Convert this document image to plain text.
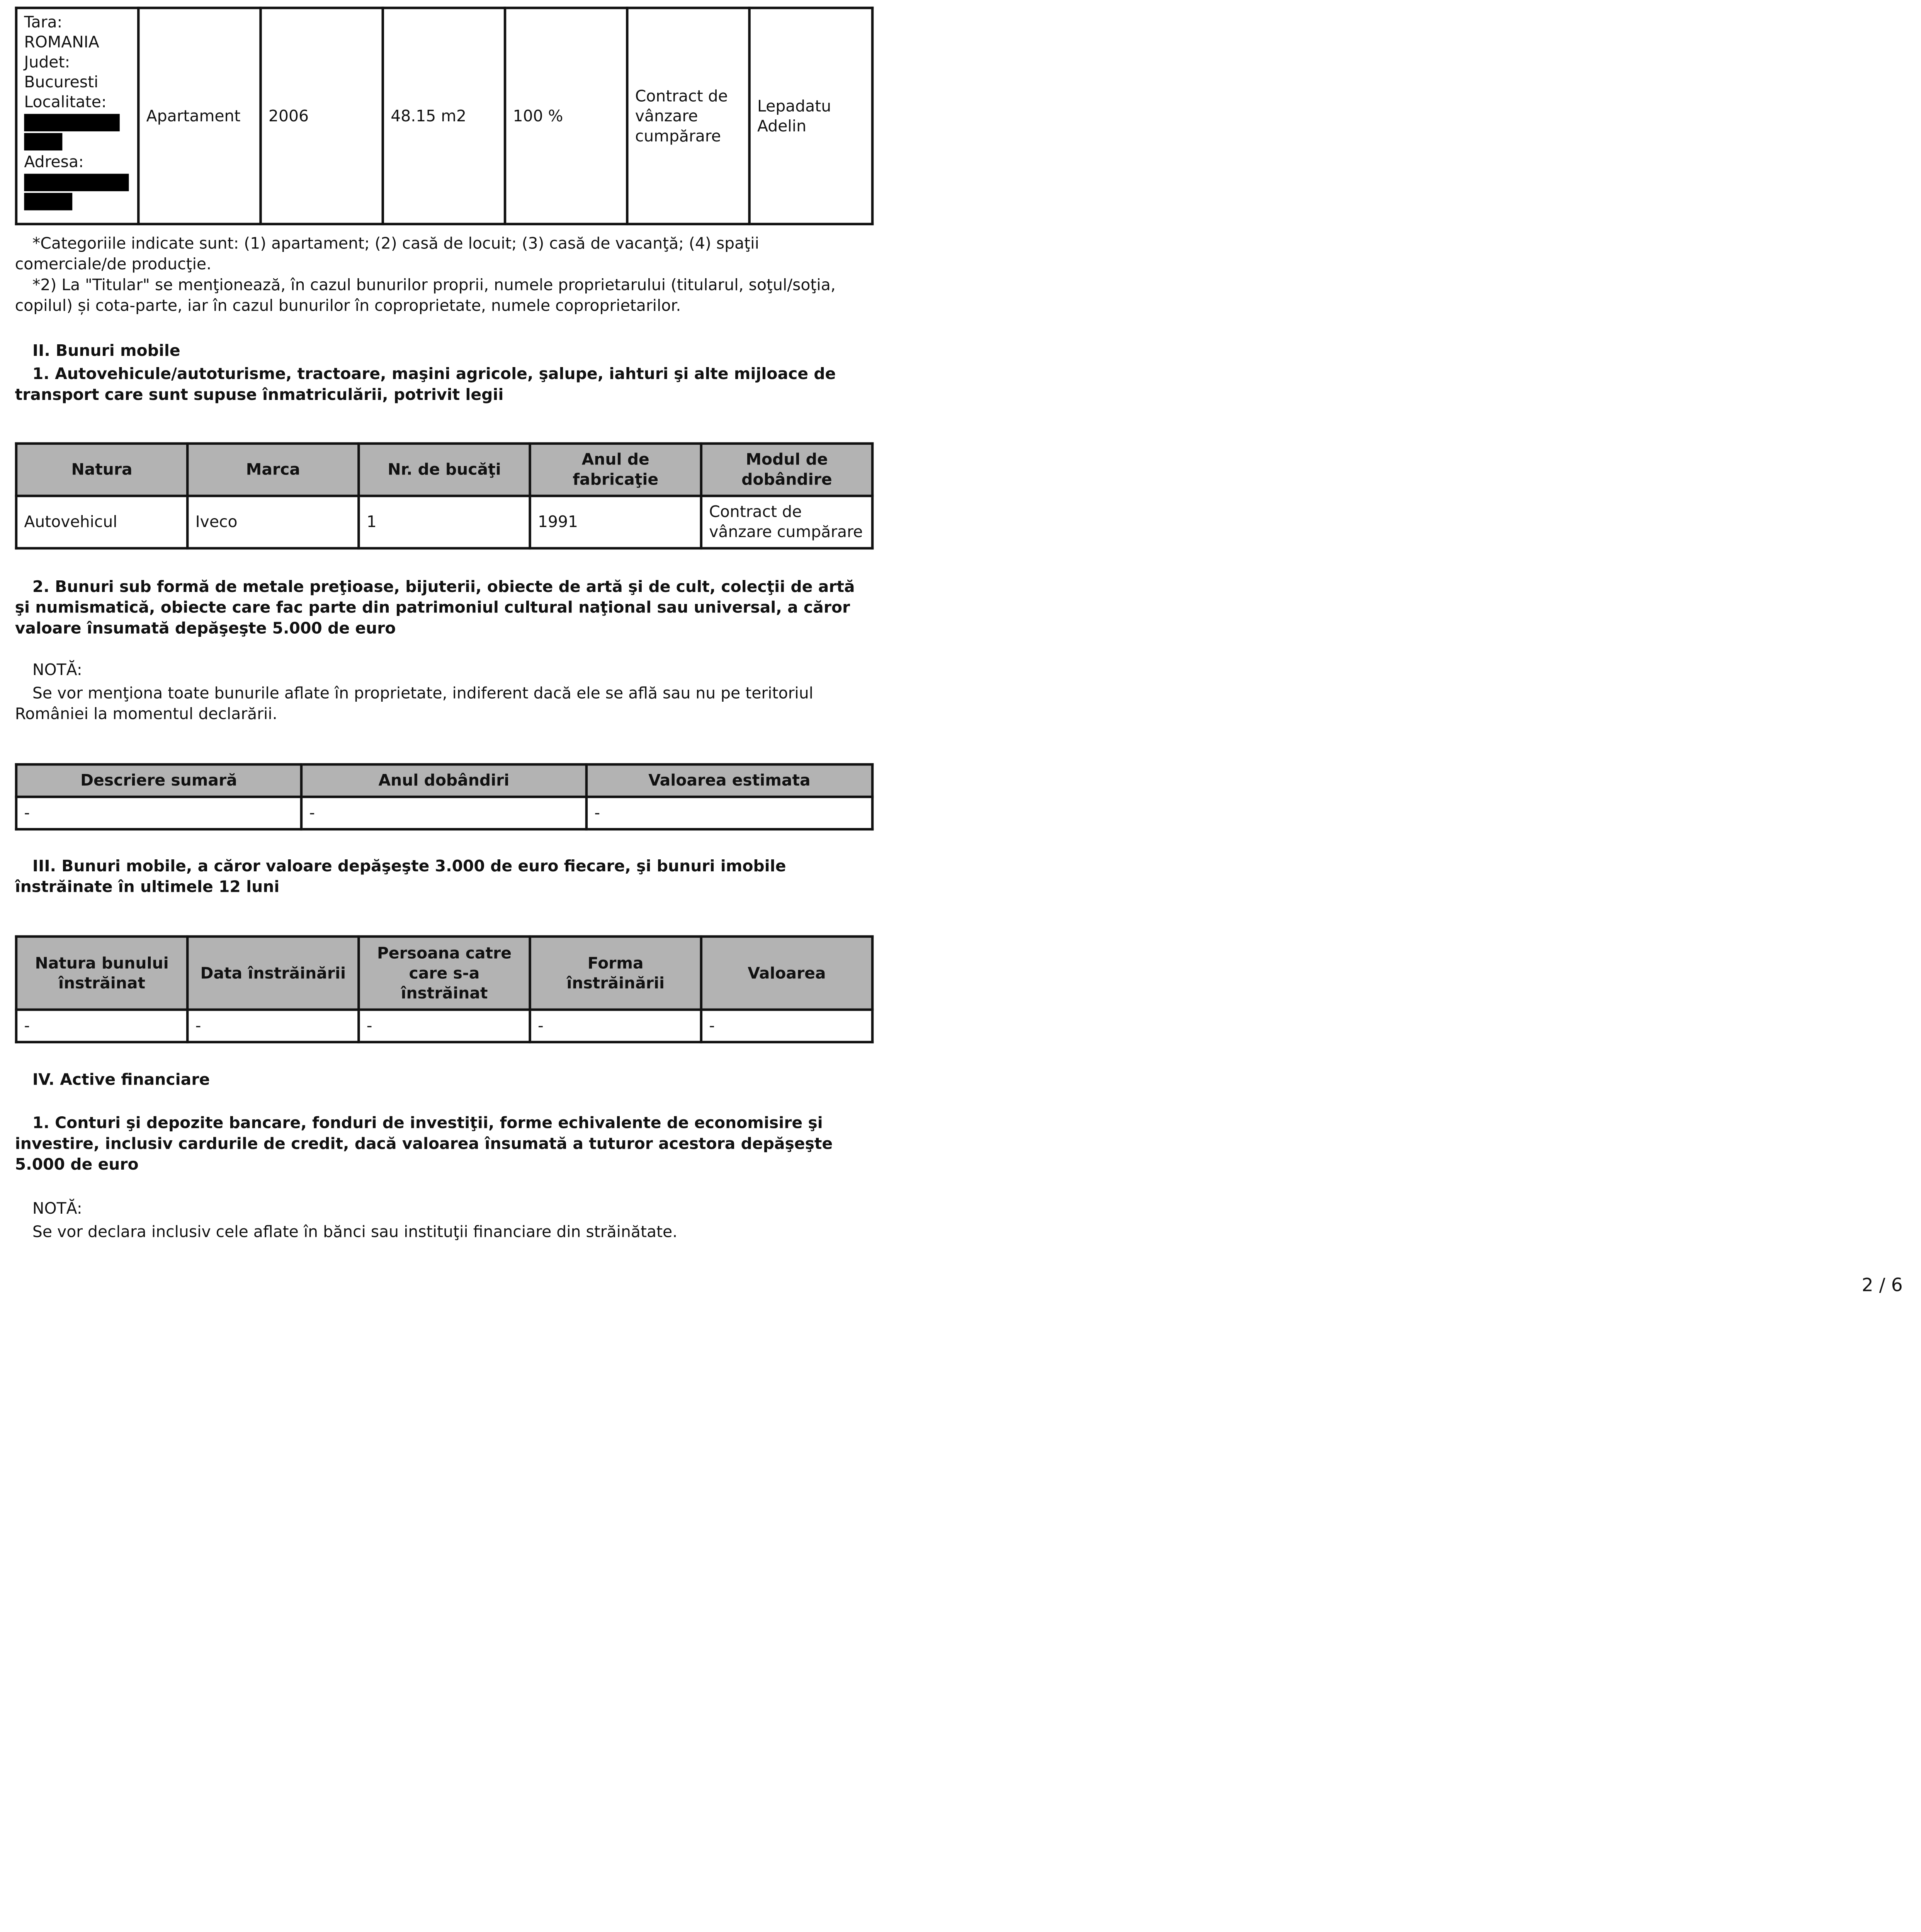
Tara:
ROMANIA
Judet:
Bucuresti
Localitate:
Adresa:
	Apartament	2006	48.15 m2	100 %	Contract de vânzare cumpărare	Lepadatu Adelin

*Categoriile indicate sunt: (1) apartament; (2) casă de locuit; (3) casă de vacanţă; (4) spaţii comerciale/de producţie.

*2) La "Titular" se menţionează, în cazul bunurilor proprii, numele proprietarului (titularul, soţul/soţia, copilul) și cota-parte, iar în cazul bunurilor în coproprietate, numele coproprietarilor.

II. Bunuri mobile

1. Autovehicule/autoturisme, tractoare, maşini agricole, şalupe, iahturi şi alte mijloace de transport care sunt supuse înmatriculării, potrivit legii

Natura	Marca	Nr. de bucăţi	Anul de fabricaţie	Modul de dobândire
Autovehicul	Iveco	1	1991	Contract de vânzare cumpărare

2. Bunuri sub formă de metale preţioase, bijuterii, obiecte de artă şi de cult, colecţii de artă şi numismatică, obiecte care fac parte din patrimoniul cultural naţional sau universal, a căror valoare însumată depăşeşte 5.000 de euro

NOTĂ:

Se vor menţiona toate bunurile aflate în proprietate, indiferent dacă ele se află sau nu pe teritoriul României la momentul declarării.

Descriere sumară	Anul dobândiri	Valoarea estimata
-	-	-

III. Bunuri mobile, a căror valoare depăşeşte 3.000 de euro fiecare, şi bunuri imobile înstrăinate în ultimele 12 luni

Natura bunului înstrăinat	Data înstrăinării	Persoana catre care s-a înstrăinat	Forma înstrăinării	Valoarea
-	-	-	-	-

IV. Active financiare

1. Conturi şi depozite bancare, fonduri de investiţii, forme echivalente de economisire şi investire, inclusiv cardurile de credit, dacă valoarea însumată a tuturor acestora depăşeşte 5.000 de euro

NOTĂ:

Se vor declara inclusiv cele aflate în bănci sau instituţii financiare din străinătate.

2 / 6
